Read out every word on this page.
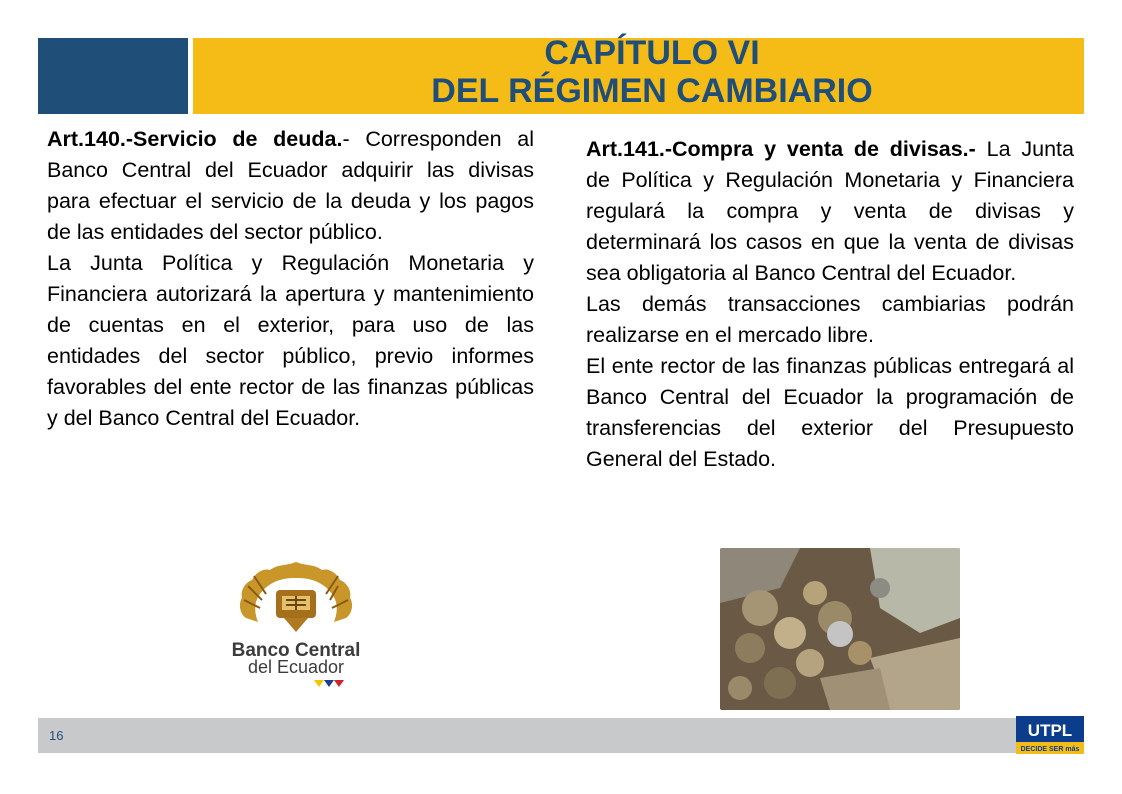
CAPÍTULO VI
DEL RÉGIMEN CAMBIARIO

Art.140.-Servicio de deuda.- Corresponden al Banco Central del Ecuador adquirir las divisas para efectuar el servicio de la deuda y los pagos de las entidades del sector público.

La Junta Política y Regulación Monetaria y Financiera autorizará la apertura y mantenimiento de cuentas en el exterior, para uso de las entidades del sector público, previo informes favorables del ente rector de las finanzas públicas y del Banco Central del Ecuador.

Art.141.-Compra y venta de divisas.- La Junta de Política y Regulación Monetaria y Financiera regulará la compra y venta de divisas y determinará los casos en que la venta de divisas sea obligatoria al Banco Central del Ecuador.

Las demás transacciones cambiarias podrán realizarse en el mercado libre.

El ente rector de las finanzas públicas entregará al Banco Central del Ecuador la programación de transferencias del exterior del Presupuesto General del Estado.

Banco Central
del Ecuador
16	UTPL
DECIDE SER más
